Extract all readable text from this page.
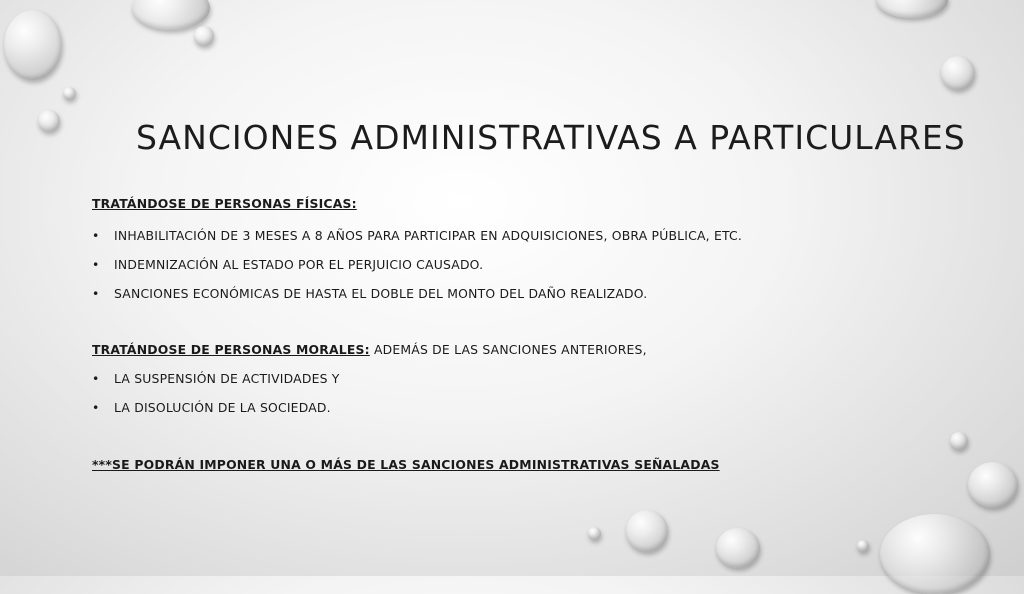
SANCIONES ADMINISTRATIVAS A PARTICULARES
TRATÁNDOSE DE PERSONAS FÍSICAS:
• INHABILITACIÓN DE 3 MESES A 8 AÑOS PARA PARTICIPAR EN ADQUISICIONES, OBRA PÚBLICA, ETC.
• INDEMNIZACIÓN AL ESTADO POR EL PERJUICIO CAUSADO.
• SANCIONES ECONÓMICAS DE HASTA EL DOBLE DEL MONTO DEL DAÑO REALIZADO.
TRATÁNDOSE DE PERSONAS MORALES: ADEMÁS DE LAS SANCIONES ANTERIORES,
• LA SUSPENSIÓN DE ACTIVIDADES Y
• LA DISOLUCIÓN DE LA SOCIEDAD.
***SE PODRÁN IMPONER UNA O MÁS DE LAS SANCIONES ADMINISTRATIVAS SEÑALADAS
